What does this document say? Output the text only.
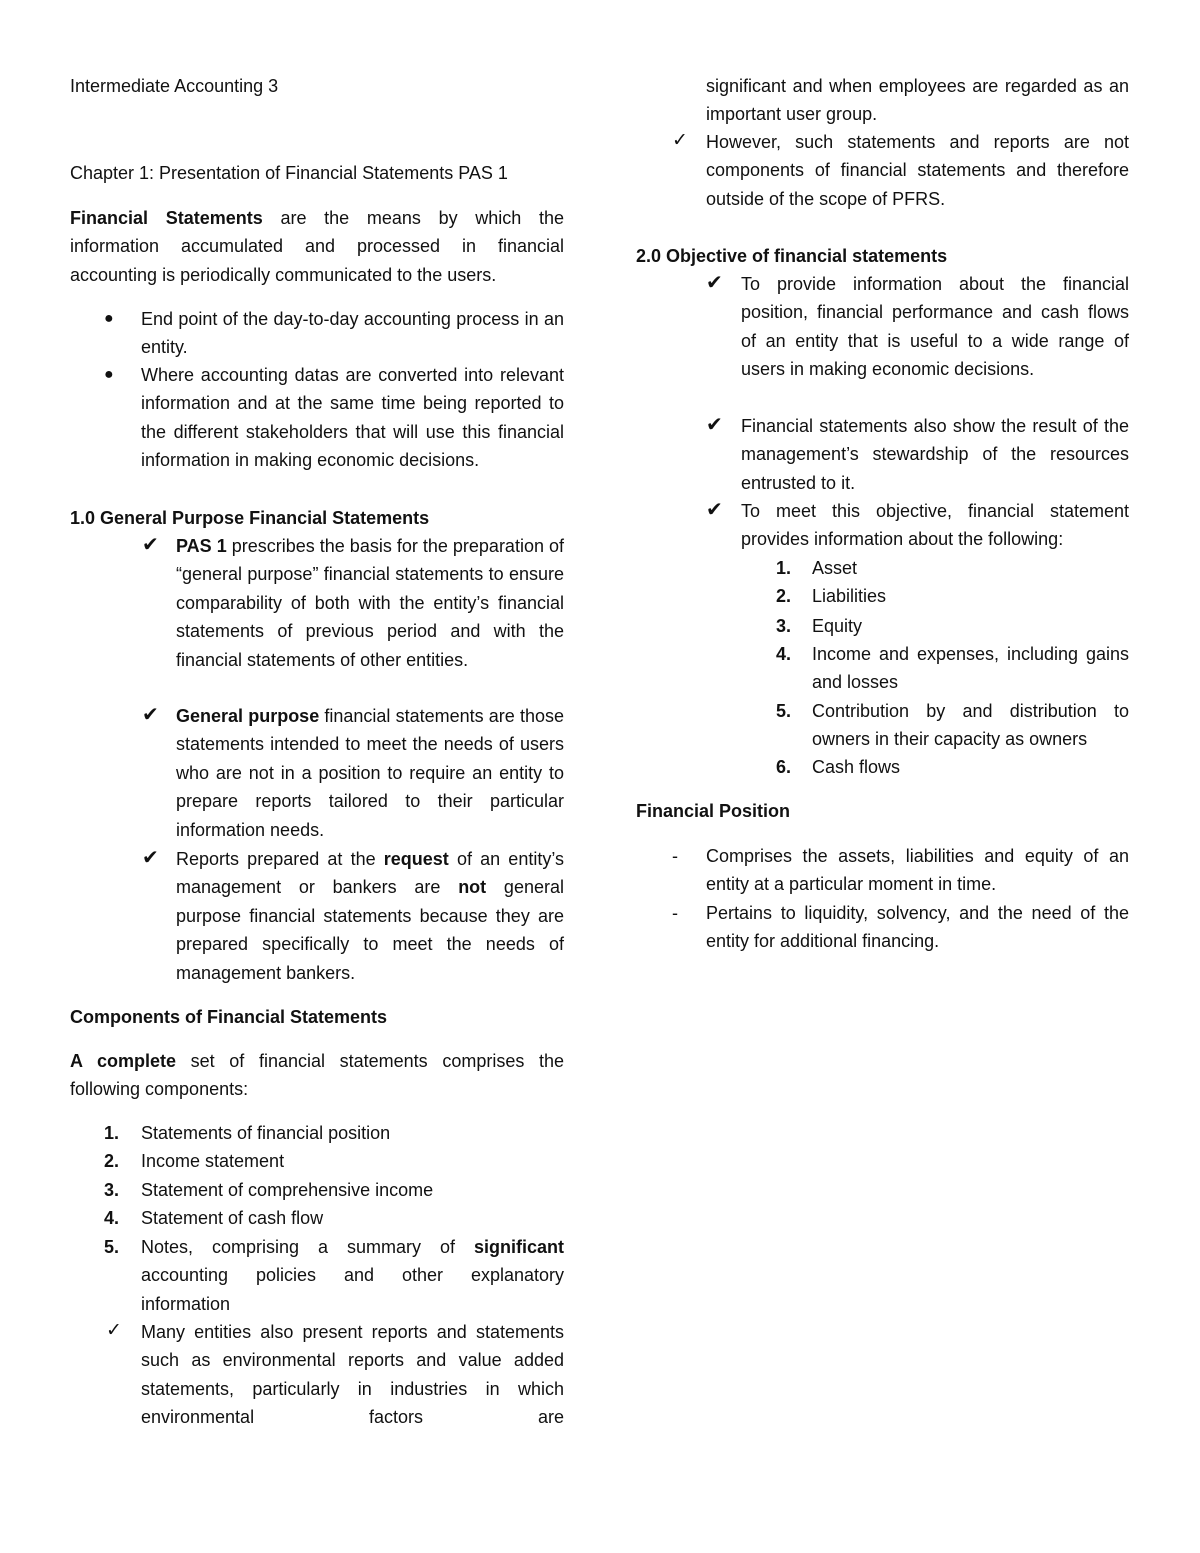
Intermediate Accounting 3

Chapter 1: Presentation of Financial Statements PAS 1

Financial Statements are the means by which the information accumulated and processed in financial accounting is periodically communicated to the users.

● End point of the day-to-day accounting process in an entity.

● Where accounting datas are converted into relevant information and at the same time being reported to the different stakeholders that will use this financial information in making economic decisions.

1.0 General Purpose Financial Statements

✔ PAS 1 prescribes the basis for the preparation of “general purpose” financial statements to ensure comparability of both with the entity’s financial statements of previous period and with the financial statements of other entities.

✔ General purpose financial statements are those statements intended to meet the needs of users who are not in a position to require an entity to prepare reports tailored to their particular information needs.

✔ Reports prepared at the request of an entity’s management or bankers are not general purpose financial statements because they are prepared specifically to meet the needs of management bankers.

Components of Financial Statements

A complete set of financial statements comprises the following components:

1. Statements of financial position

2. Income statement

3. Statement of comprehensive income

4. Statement of cash flow

5. Notes, comprising a summary of significant accounting policies and other explanatory information

✓ Many entities also present reports and statements such as environmental reports and value added statements, particularly in industries in which environmental factors are

significant and when employees are regarded as an important user group.

✓ However, such statements and reports are not components of financial statements and therefore outside of the scope of PFRS.

2.0 Objective of financial statements

✔ To provide information about the financial position, financial performance and cash flows of an entity that is useful to a wide range of users in making economic decisions.

✔ Financial statements also show the result of the management’s stewardship of the resources entrusted to it.

✔ To meet this objective, financial statement provides information about the following:

1. Asset

2. Liabilities

3. Equity

4. Income and expenses, including gains and losses

5. Contribution by and distribution to owners in their capacity as owners

6. Cash flows

Financial Position

- Comprises the assets, liabilities and equity of an entity at a particular moment in time.

- Pertains to liquidity, solvency, and the need of the entity for additional financing.
